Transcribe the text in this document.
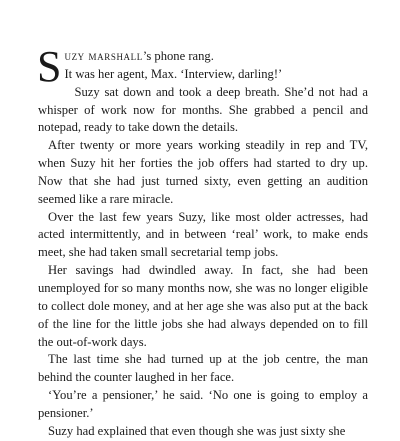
Suzy marshall’s phone rang.
It was her agent, Max. ‘Interview, darling!’

Suzy sat down and took a deep breath. She’d not had a whisper of work now for months. She grabbed a pencil and notepad, ready to take down the details.

After twenty or more years working steadily in rep and TV, when Suzy hit her forties the job offers had started to dry up. Now that she had just turned sixty, even getting an audition seemed like a rare miracle.

Over the last few years Suzy, like most older actresses, had acted intermittently, and in between ‘real’ work, to make ends meet, she had taken small secretarial temp jobs.

Her savings had dwindled away. In fact, she had been unemployed for so many months now, she was no longer eligible to collect dole money, and at her age she was also put at the back of the line for the little jobs she had always depended on to fill the out-of-work days.

The last time she had turned up at the job centre, the man behind the counter laughed in her face.

‘You’re a pensioner,’ he said. ‘No one is going to employ a pensioner.’

Suzy had explained that even though she was just sixty she
